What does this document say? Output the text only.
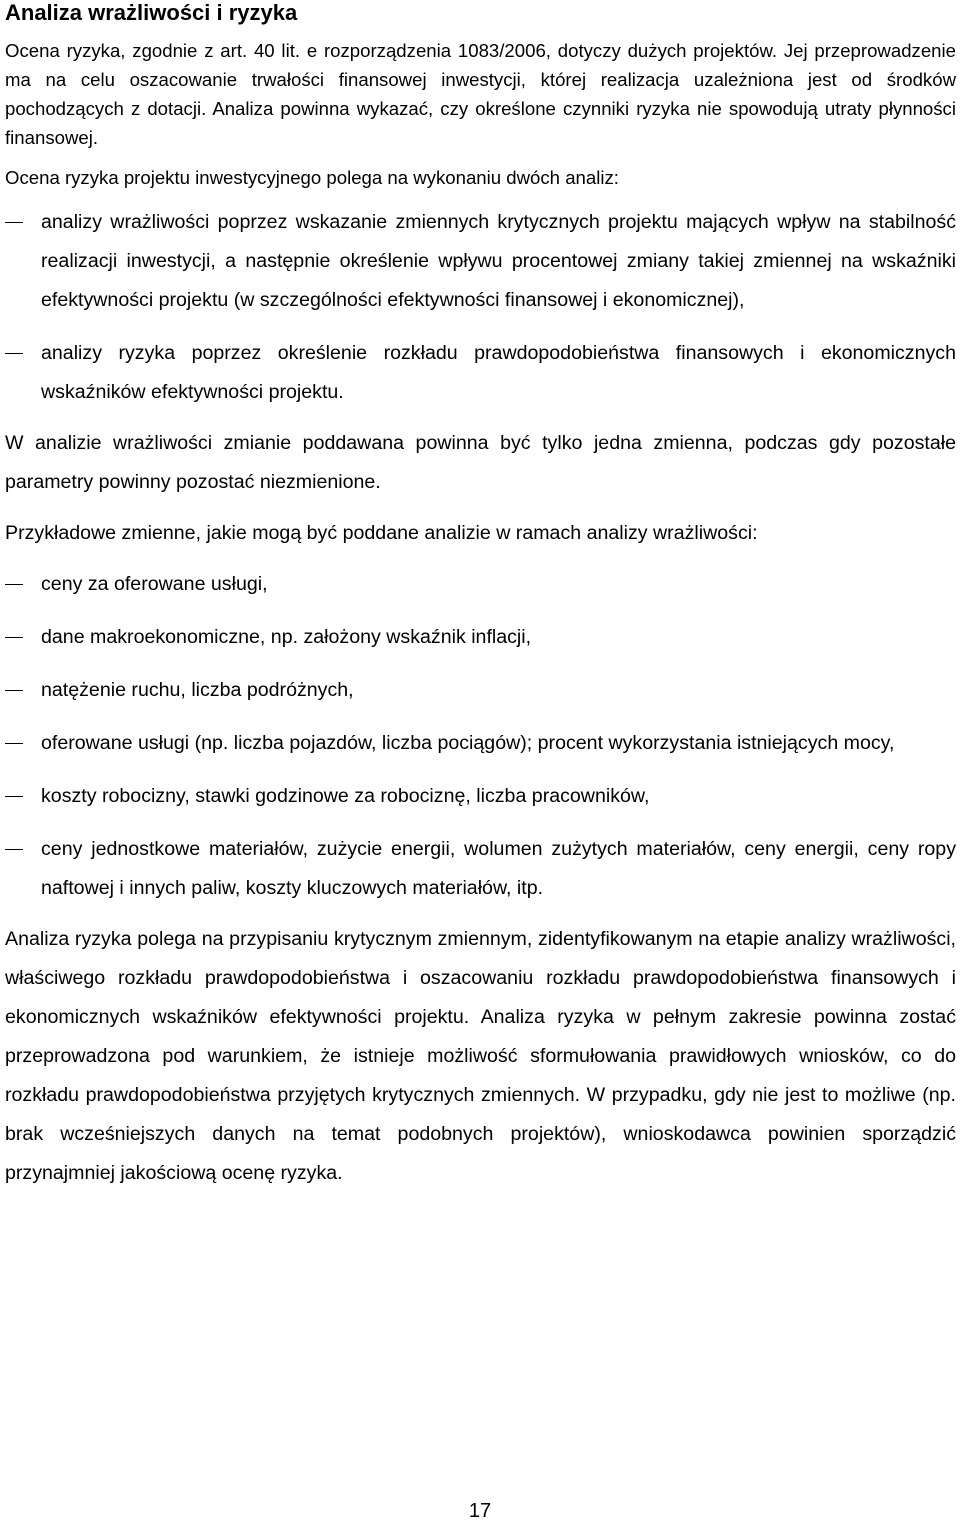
Analiza wrażliwości i ryzyka

Ocena ryzyka, zgodnie z art. 40 lit. e rozporządzenia 1083/2006, dotyczy dużych projektów. Jej przeprowadzenie ma na celu oszacowanie trwałości finansowej inwestycji, której realizacja uzależniona jest od środków pochodzących z dotacji. Analiza powinna wykazać, czy określone czynniki ryzyka nie spowodują utraty płynności finansowej.

Ocena ryzyka projektu inwestycyjnego polega na wykonaniu dwóch analiz:

analizy wrażliwości poprzez wskazanie zmiennych krytycznych projektu mających wpływ na stabilność realizacji inwestycji, a następnie określenie wpływu procentowej zmiany takiej zmiennej na wskaźniki efektywności projektu (w szczególności efektywności finansowej i ekonomicznej),
analizy ryzyka poprzez określenie rozkładu prawdopodobieństwa finansowych i ekonomicznych wskaźników efektywności projektu.

W analizie wrażliwości zmianie poddawana powinna być tylko jedna zmienna, podczas gdy pozostałe parametry powinny pozostać niezmienione.

Przykładowe zmienne, jakie mogą być poddane analizie w ramach analizy wrażliwości:

ceny za oferowane usługi,
dane makroekonomiczne, np. założony wskaźnik inflacji,
natężenie ruchu, liczba podróżnych,
oferowane usługi (np. liczba pojazdów, liczba pociągów); procent wykorzystania istniejących mocy,
koszty robocizny, stawki godzinowe za robociznę, liczba pracowników,
ceny jednostkowe materiałów, zużycie energii, wolumen zużytych materiałów, ceny energii, ceny ropy naftowej i innych paliw, koszty kluczowych materiałów, itp.

Analiza ryzyka polega na przypisaniu krytycznym zmiennym, zidentyfikowanym na etapie analizy wrażliwości, właściwego rozkładu prawdopodobieństwa i oszacowaniu rozkładu prawdopodobieństwa finansowych i ekonomicznych wskaźników efektywności projektu. Analiza ryzyka w pełnym zakresie powinna zostać przeprowadzona pod warunkiem, że istnieje możliwość sformułowania prawidłowych wniosków, co do rozkładu prawdopodobieństwa przyjętych krytycznych zmiennych. W przypadku, gdy nie jest to możliwe (np. brak wcześniejszych danych na temat podobnych projektów), wnioskodawca powinien sporządzić przynajmniej jakościową ocenę ryzyka.

17
